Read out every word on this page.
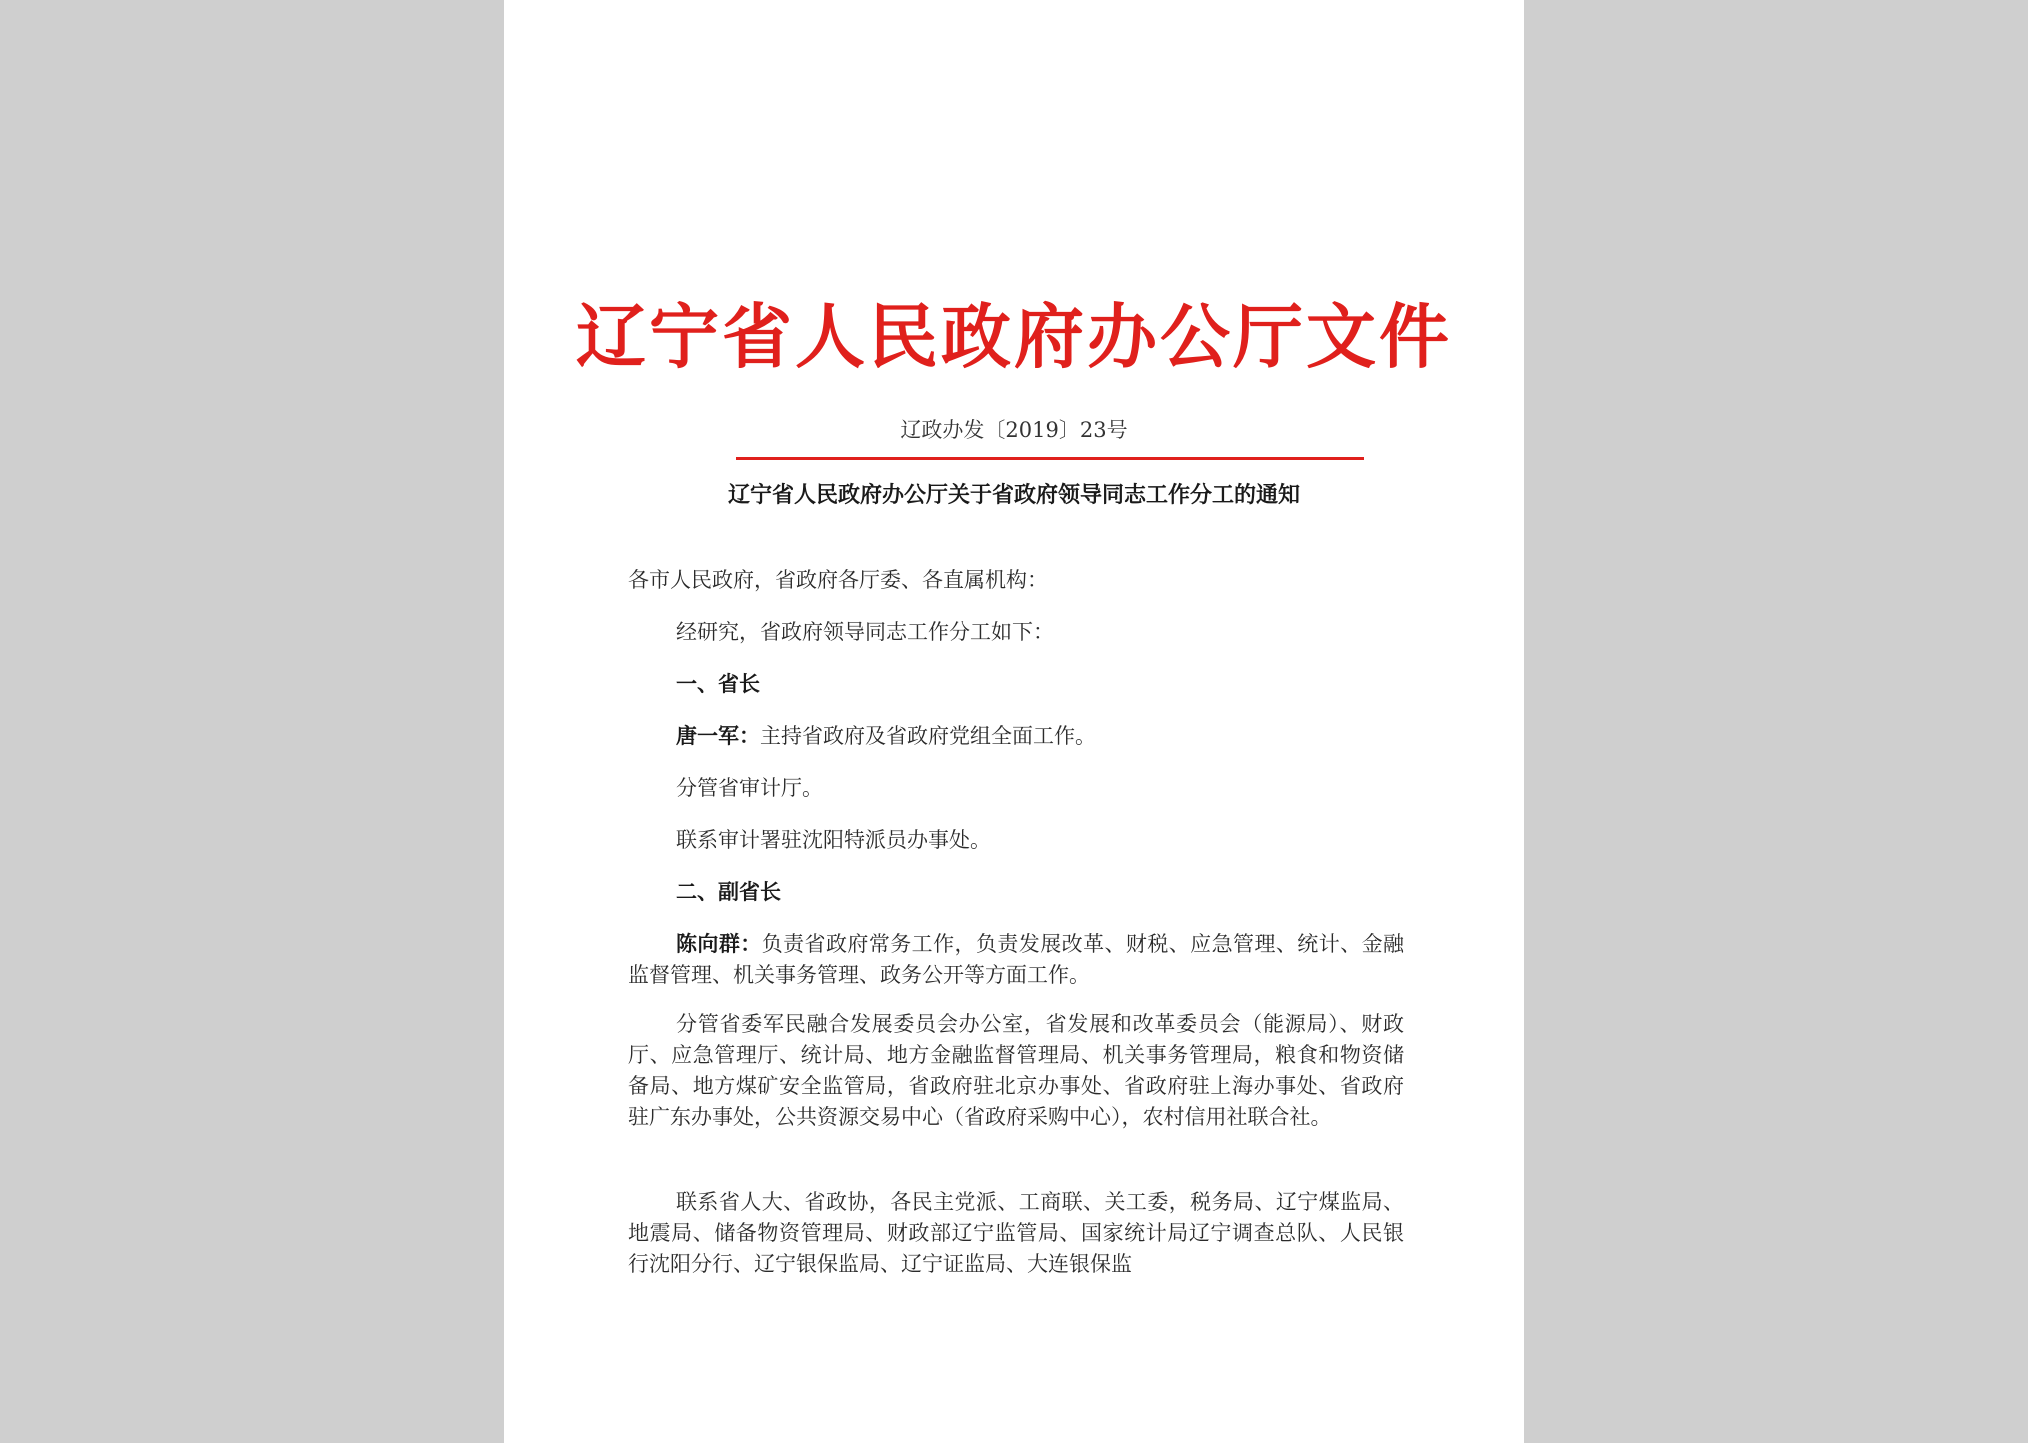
辽宁省人民政府办公厅文件
辽政办发〔2019〕23号
辽宁省人民政府办公厅关于省政府领导同志工作分工的通知

各市人民政府，省政府各厅委、各直属机构：

经研究，省政府领导同志工作分工如下：

一、省长

唐一军：主持省政府及省政府党组全面工作。

分管省审计厅。

联系审计署驻沈阳特派员办事处。

二、副省长

陈向群：负责省政府常务工作，负责发展改革、财税、应急管理、统计、金融监督管理、机关事务管理、政务公开等方面工作。

分管省委军民融合发展委员会办公室，省发展和改革委员会（能源局）、财政厅、应急管理厅、统计局、地方金融监督管理局、机关事务管理局，粮食和物资储备局、地方煤矿安全监管局，省政府驻北京办事处、省政府驻上海办事处、省政府驻广东办事处，公共资源交易中心（省政府采购中心），农村信用社联合社。

联系省人大、省政协，各民主党派、工商联、关工委，税务局、辽宁煤监局、地震局、储备物资管理局、财政部辽宁监管局、国家统计局辽宁调查总队、人民银行沈阳分行、辽宁银保监局、辽宁证监局、大连银保监
